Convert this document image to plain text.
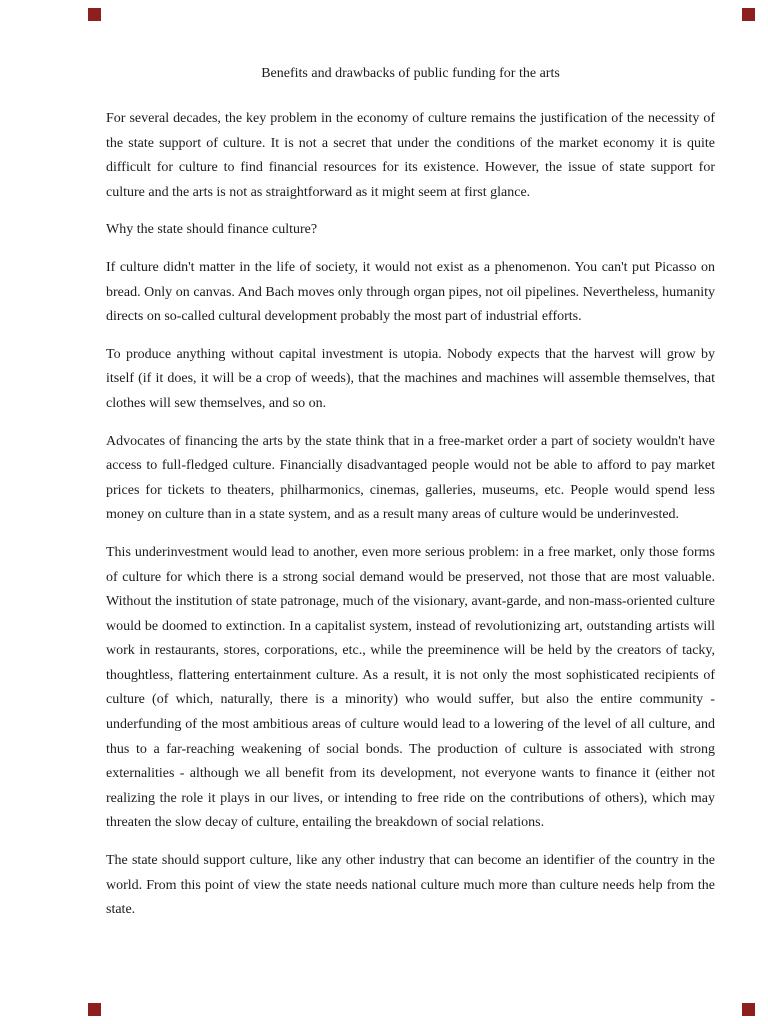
Benefits and drawbacks of public funding for the arts

For several decades, the key problem in the economy of culture remains the justification of the necessity of the state support of culture. It is not a secret that under the conditions of the market economy it is quite difficult for culture to find financial resources for its existence. However, the issue of state support for culture and the arts is not as straightforward as it might seem at first glance.

Why the state should finance culture?

If culture didn't matter in the life of society, it would not exist as a phenomenon. You can't put Picasso on bread. Only on canvas. And Bach moves only through organ pipes, not oil pipelines. Nevertheless, humanity directs on so-called cultural development probably the most part of industrial efforts.

To produce anything without capital investment is utopia. Nobody expects that the harvest will grow by itself (if it does, it will be a crop of weeds), that the machines and machines will assemble themselves, that clothes will sew themselves, and so on.

Advocates of financing the arts by the state think that in a free-market order a part of society wouldn't have access to full-fledged culture. Financially disadvantaged people would not be able to afford to pay market prices for tickets to theaters, philharmonics, cinemas, galleries, museums, etc. People would spend less money on culture than in a state system, and as a result many areas of culture would be underinvested.

This underinvestment would lead to another, even more serious problem: in a free market, only those forms of culture for which there is a strong social demand would be preserved, not those that are most valuable. Without the institution of state patronage, much of the visionary, avant-garde, and non-mass-oriented culture would be doomed to extinction. In a capitalist system, instead of revolutionizing art, outstanding artists will work in restaurants, stores, corporations, etc., while the preeminence will be held by the creators of tacky, thoughtless, flattering entertainment culture. As a result, it is not only the most sophisticated recipients of culture (of which, naturally, there is a minority) who would suffer, but also the entire community - underfunding of the most ambitious areas of culture would lead to a lowering of the level of all culture, and thus to a far-reaching weakening of social bonds. The production of culture is associated with strong externalities - although we all benefit from its development, not everyone wants to finance it (either not realizing the role it plays in our lives, or intending to free ride on the contributions of others), which may threaten the slow decay of culture, entailing the breakdown of social relations.

The state should support culture, like any other industry that can become an identifier of the country in the world. From this point of view the state needs national culture much more than culture needs help from the state.
